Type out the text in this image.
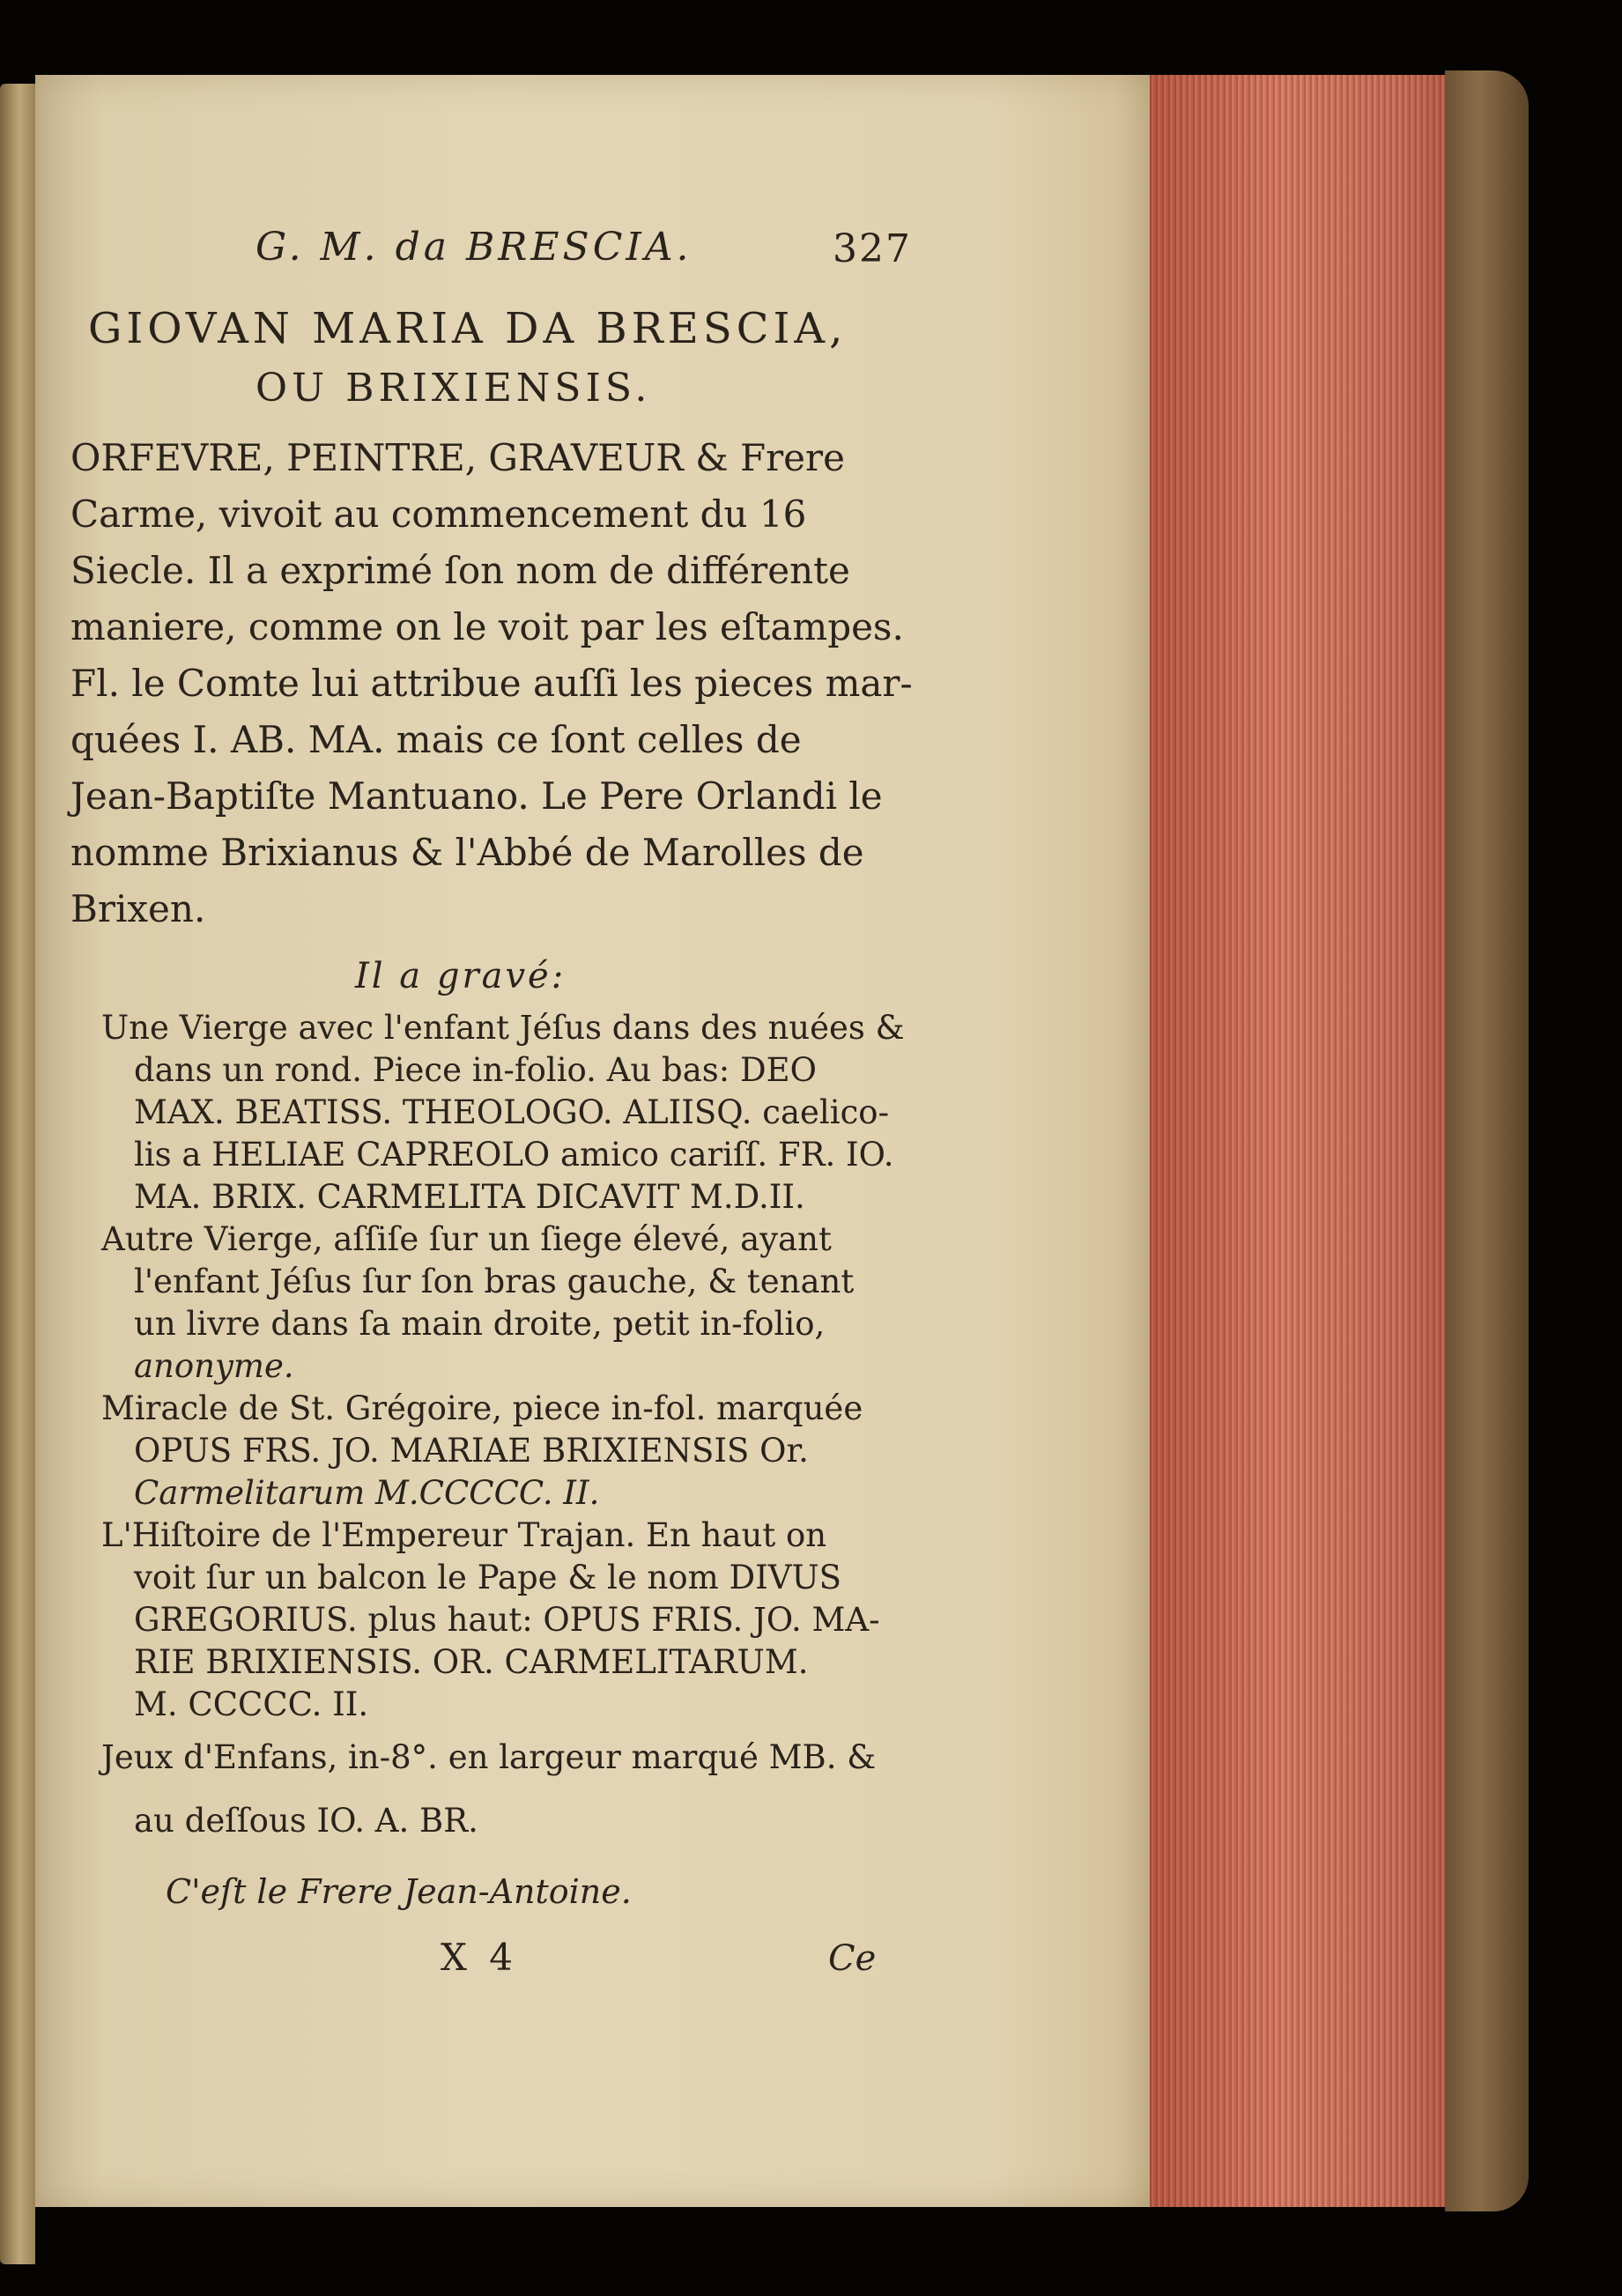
G. M. da BRESCIA.	327
GIOVAN MARIA DA BRESCIA,
OU BRIXIENSIS.
ORFEVRE, PEINTRE, GRAVEUR & Frere
Carme, vivoit au commencement du 16
Siecle. Il a exprimé ſon nom de différente
maniere, comme on le voit par les eſtampes.
Fl. le Comte lui attribue auſſi les pieces mar-
quées I. AB. MA. mais ce ſont celles de
Jean-Baptiſte Mantuano. Le Pere Orlandi le
nomme Brixianus & l'Abbé de Marolles de
Brixen.
Il a gravé:
Une Vierge avec l'enfant Jéſus dans des nuées &
dans un rond. Piece in-folio. Au bas: DEO
MAX. BEATISS. THEOLOGO. ALIISQ. caelico-
lis a HELIAE CAPREOLO amico cariſſ. FR. IO.
MA. BRIX. CARMELITA DICAVIT M.D.II.
Autre Vierge, aſſiſe ſur un ſiege élevé, ayant
l'enfant Jéſus ſur ſon bras gauche, & tenant
un livre dans ſa main droite, petit in-folio,
anonyme.
Miracle de St. Grégoire, piece in-fol. marquée
OPUS FRS. JO. MARIAE BRIXIENSIS Or.
Carmelitarum M.CCCCC. II.
L'Hiſtoire de l'Empereur Trajan. En haut on
voit ſur un balcon le Pape & le nom DIVUS
GREGORIUS. plus haut: OPUS FRIS. JO. MA-
RIE BRIXIENSIS. OR. CARMELITARUM.
M. CCCCC. II.
Jeux d'Enfans, in-8°. en largeur marqué MB. &
au deſſous IO. A. BR.
C'eſt le Frere Jean-Antoine.
X 4	Ce
